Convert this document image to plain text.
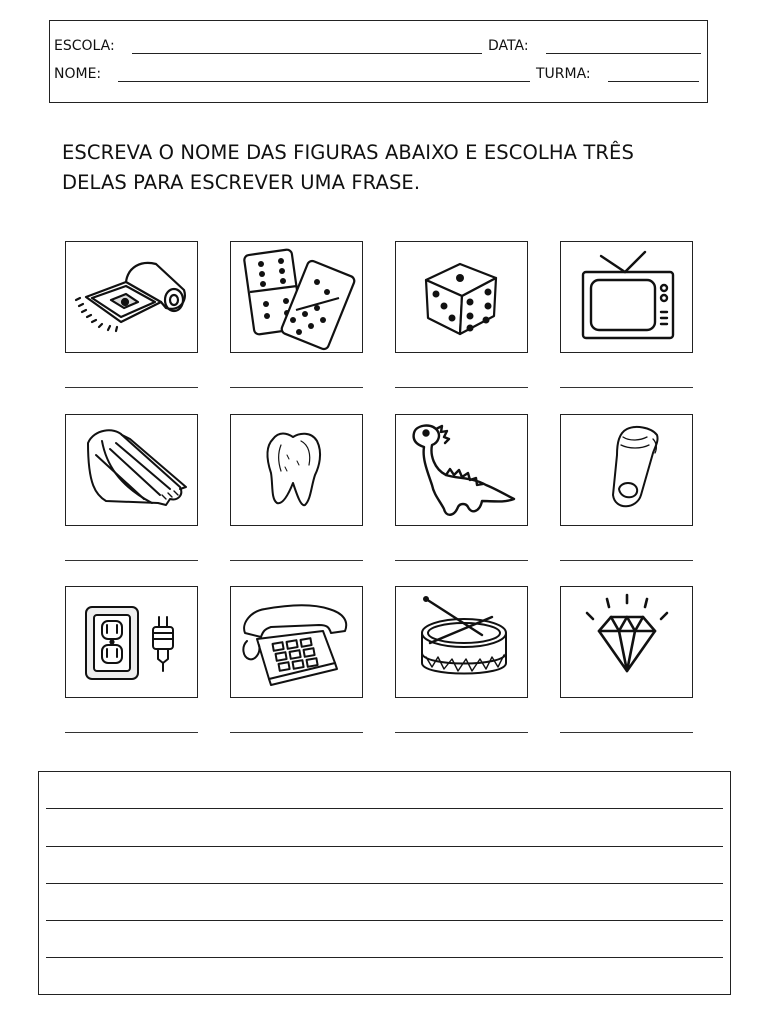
ESCOLA:	DATA:
NOME:	TURMA:
ESCREVA O NOME DAS FIGURAS ABAIXO E ESCOLHA TRÊS
DELAS PARA ESCREVER UMA FRASE.
